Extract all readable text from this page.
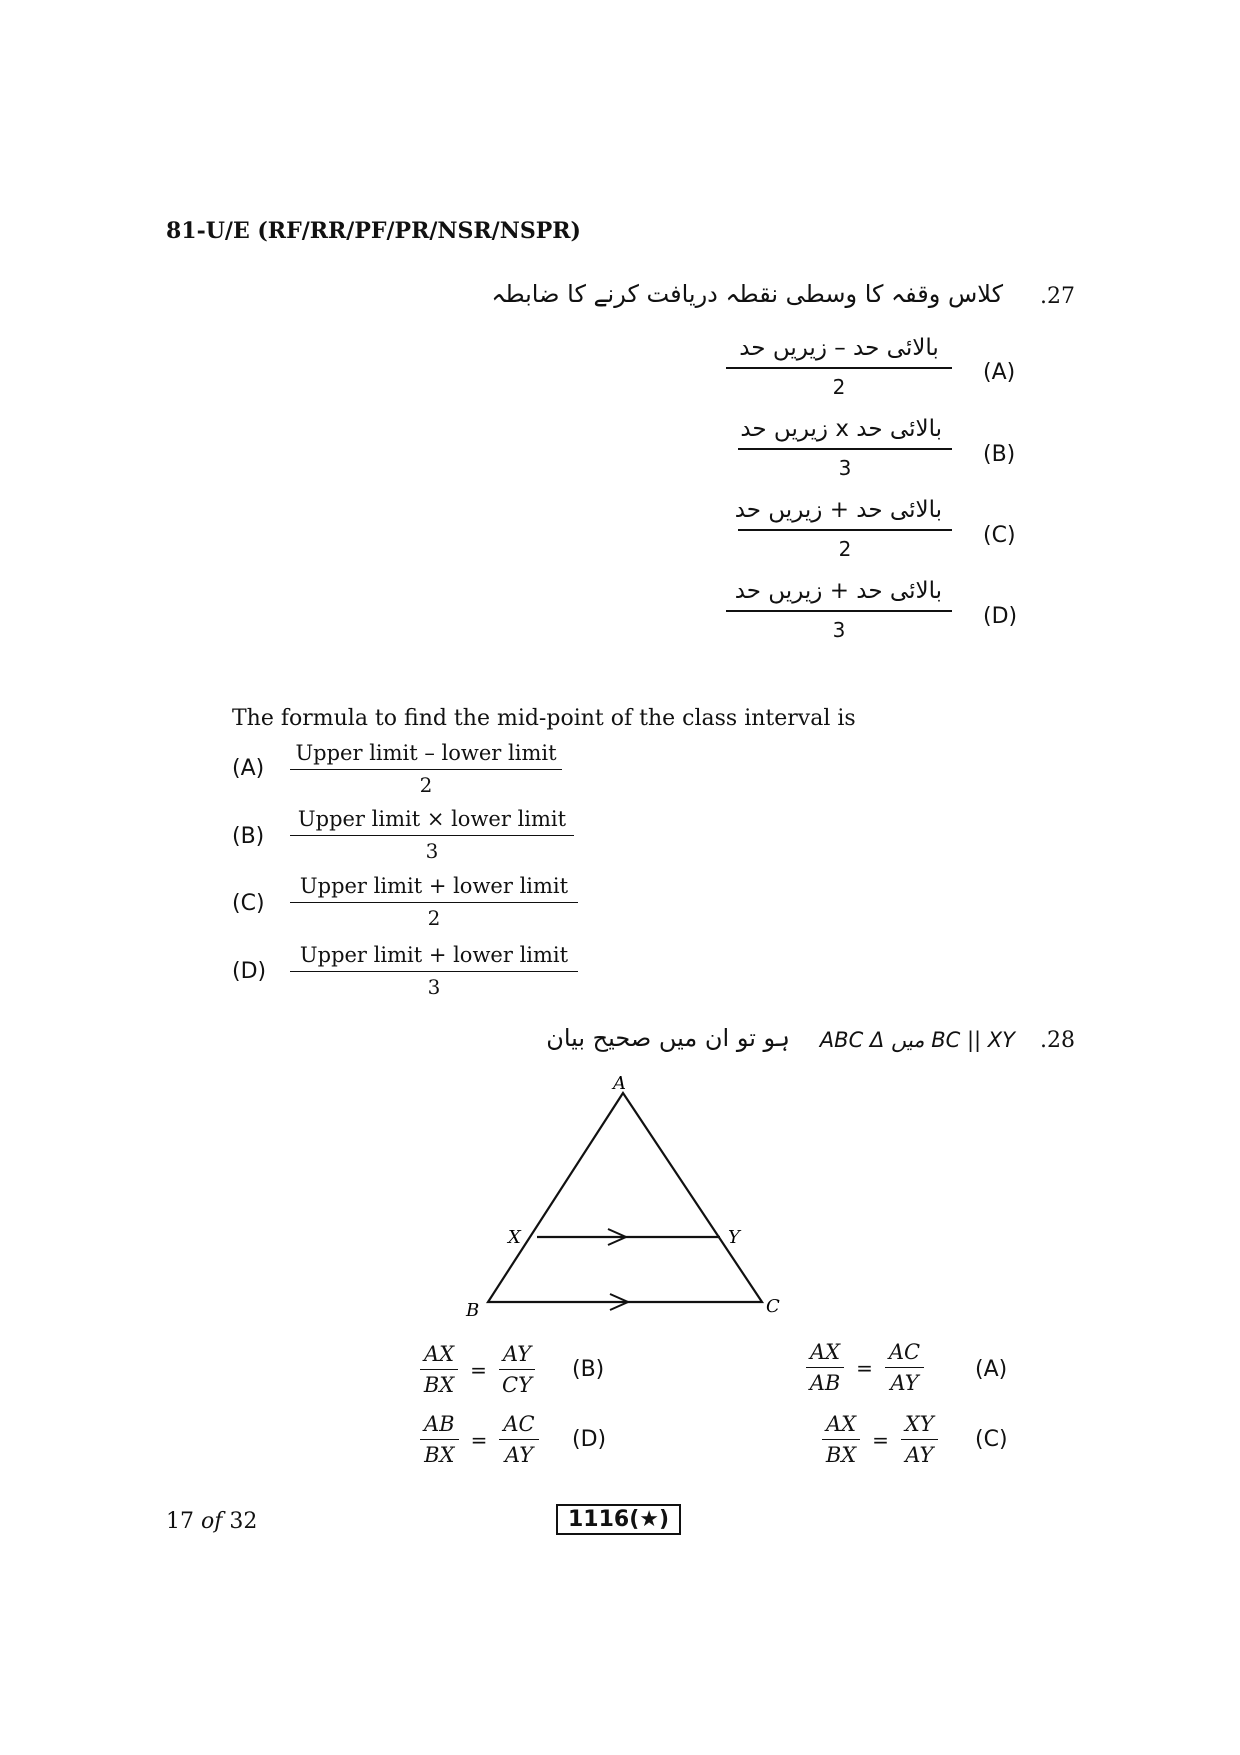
81-U/E (RF/RR/PF/PR/NSR/NSPR)
.27
کلاس وقفہ کا وسطی نقطہ دریافت کرنے کا ضابطہ
بالائی حد – زیریں حد
2
(A)
بالائی حد x زیریں حد
3
(B)
بالائی حد + زیریں حد
2
(C)
بالائی حد + زیریں حد
3
(D)
The formula to find the mid-point of the class interval is
(A)
Upper limit – lower limit
2
(B)
Upper limit × lower limit
3
(C)
Upper limit + lower limit
2
(D)
Upper limit + lower limit
3
.28
ABC Δ میں BC || XY
ہو تو ان میں صحیح بیان
A
X	Y
B	C
AX
BX
=
AY
CY
(B)
AX
AB
=
AC
AY
(A)
AB
BX
=
AC
AY
(D)
AX
BX
=
XY
AY
(C)
17 of 32	1116(★)
